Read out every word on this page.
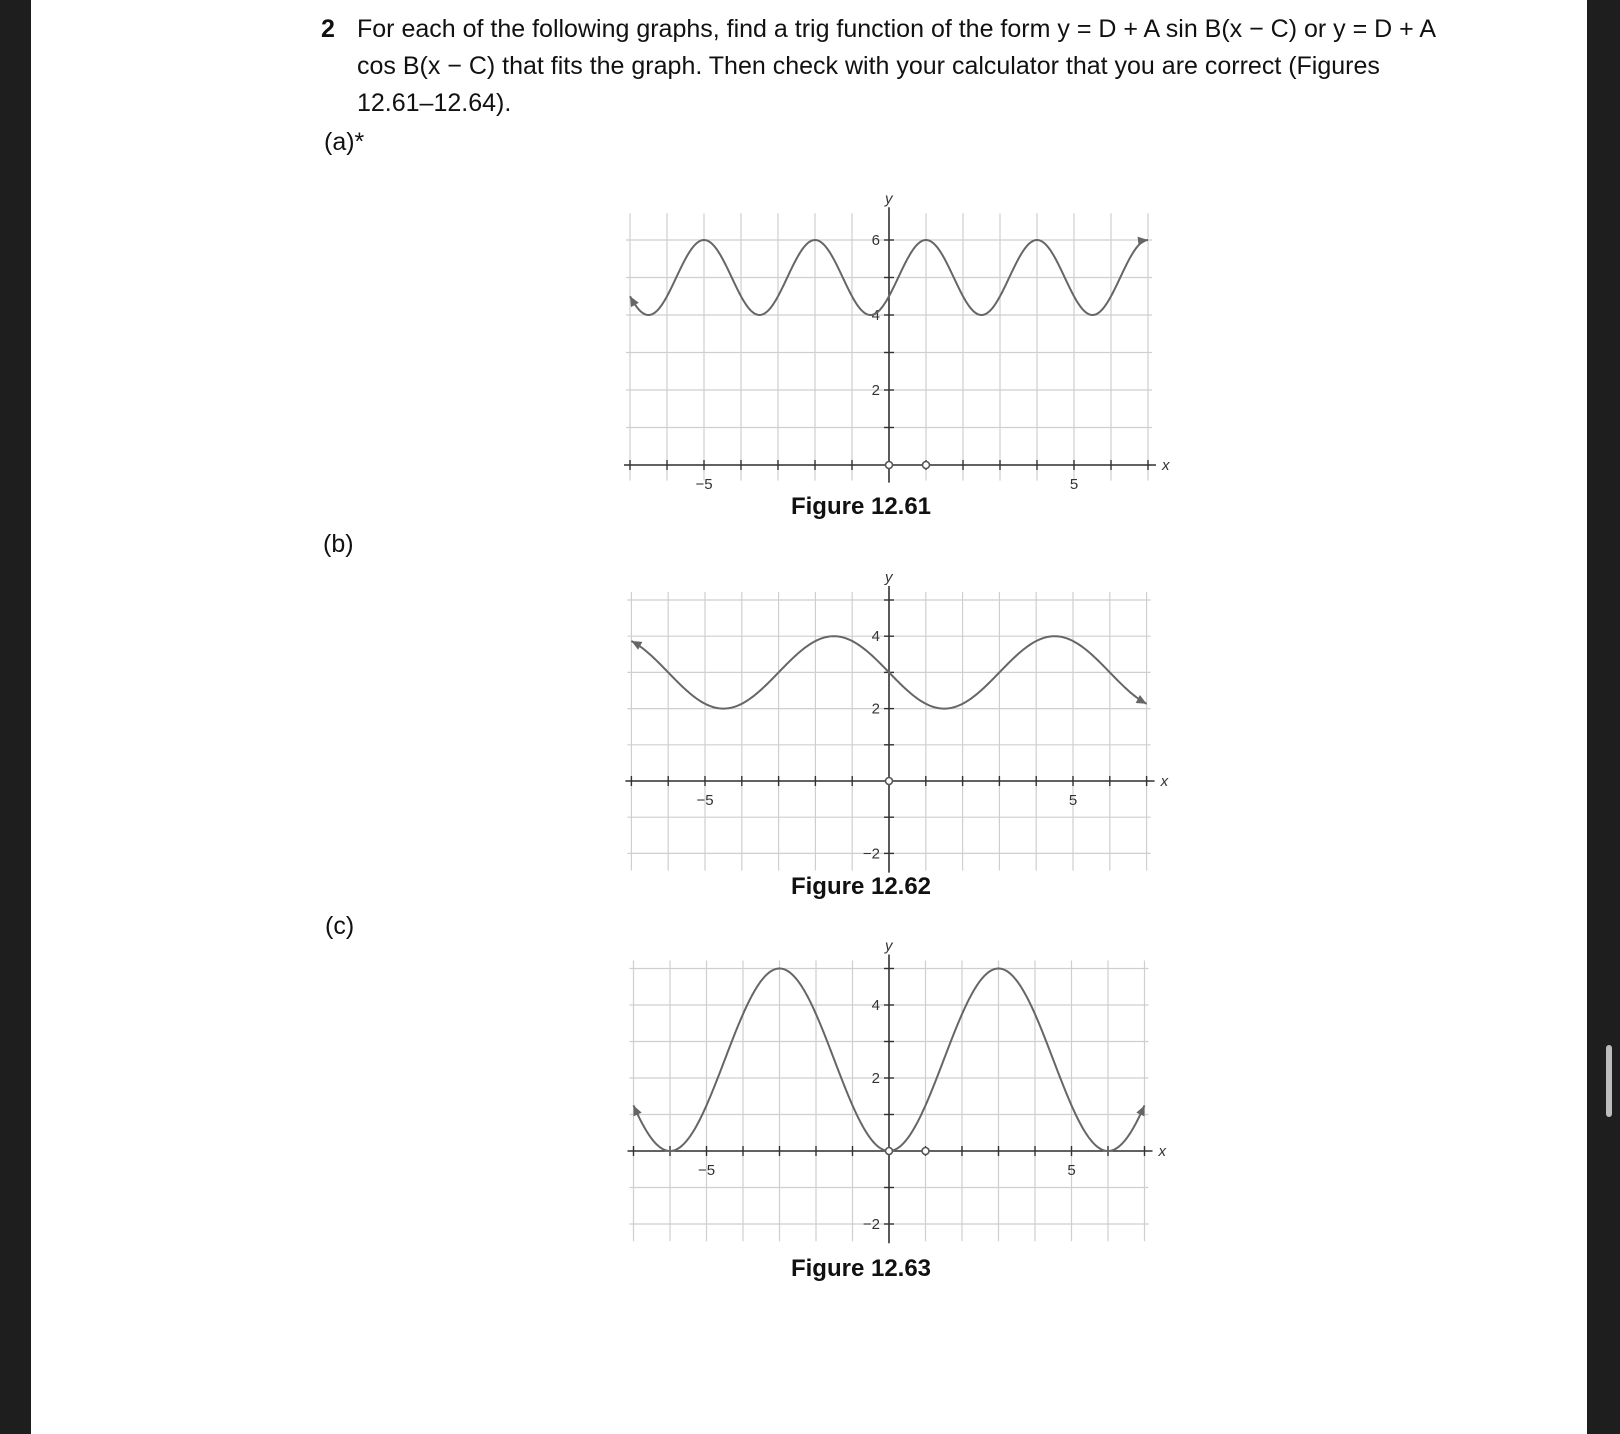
2 For each of the following graphs, find a trig function of the form y = D + A sin B(x − C) or y = D + A cos B(x − C) that fits the graph. Then check with your calculator that you are correct (Figures 12.61–12.64).
(a)*
x
y
−5	5
2
4
6
Figure 12.61
(b)
x
y
−5	5
−2
2
4
Figure 12.62
(c)
x
y
−5	5
−2
2
4
Figure 12.63
